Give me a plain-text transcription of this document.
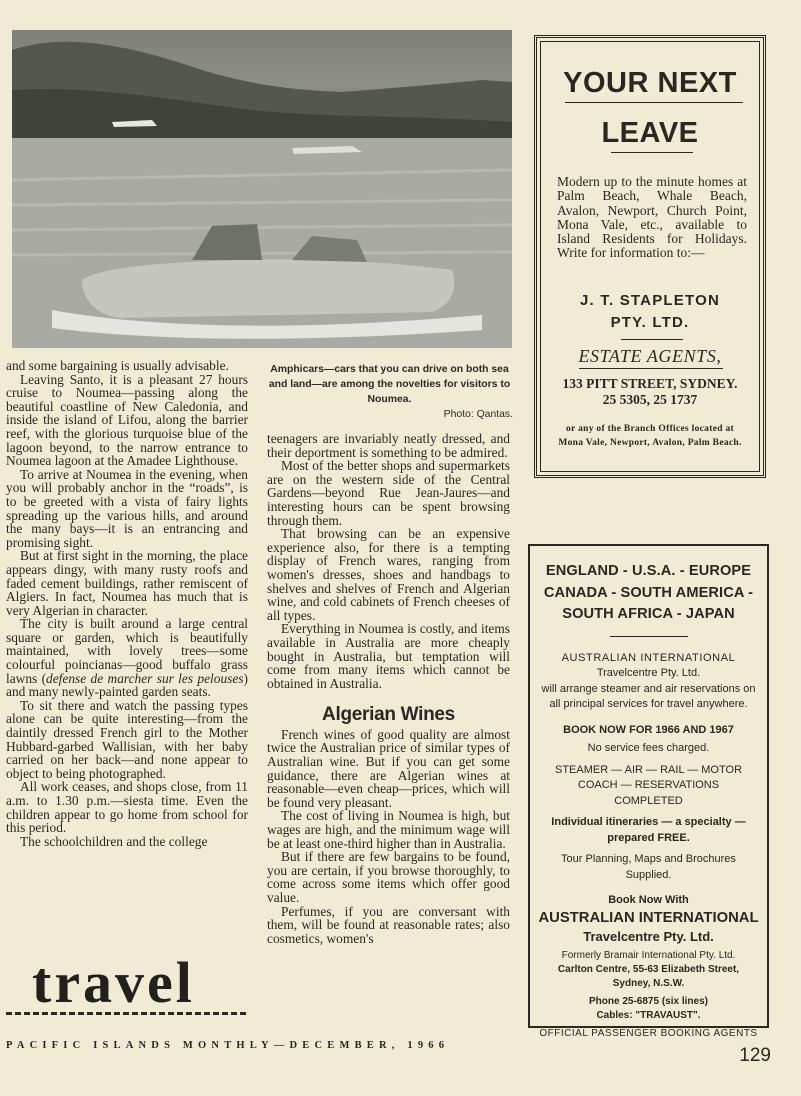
Amphicars—cars that you can drive on both sea and land—are among the novelties for visitors to Noumea.
Photo: Qantas.

and some bargaining is usually advisable.

Leaving Santo, it is a pleasant 27 hours cruise to Noumea—passing along the beautiful coastline of New Caledonia, and inside the island of Lifou, along the barrier reef, with the glorious turquoise blue of the lagoon beyond, to the narrow entrance to Noumea lagoon at the Amadee Lighthouse.

To arrive at Noumea in the evening, when you will probably anchor in the “roads”, is to be greeted with a vista of fairy lights spreading up the various hills, and around the many bays—it is an entrancing and promising sight.

But at first sight in the morning, the place appears dingy, with many rusty roofs and faded cement buildings, rather remiscent of Algiers. In fact, Noumea has much that is very Algerian in character.

The city is built around a large central square or garden, which is beautifully maintained, with lovely trees—some colourful poincianas—good buffalo grass lawns (defense de marcher sur les pelouses) and many newly-painted garden seats.

To sit there and watch the passing types alone can be quite interesting—from the daintily dressed French girl to the Mother Hubbard-garbed Wallisian, with her baby carried on her back—and none appear to object to being photographed.

All work ceases, and shops close, from 11 a.m. to 1.30 p.m.—siesta time. Even the children appear to go home from school for this period.

The schoolchildren and the college

teenagers are invariably neatly dressed, and their deportment is something to be admired.

Most of the better shops and supermarkets are on the western side of the Central Gardens—beyond Rue Jean-Jaures—and interesting hours can be spent browsing through them.

That browsing can be an expensive experience also, for there is a tempting display of French wares, ranging from women's dresses, shoes and handbags to shelves and shelves of French and Algerian wine, and cold cabinets of French cheeses of all types.

Everything in Noumea is costly, and items available in Australia are more cheaply bought in Australia, but temptation will come from many items which cannot be obtained in Australia.

Algerian Wines

French wines of good quality are almost twice the Australian price of similar types of Australian wine. But if you can get some guidance, there are Algerian wines at reasonable—even cheap—prices, which will be found very pleasant.

The cost of living in Noumea is high, but wages are high, and the minimum wage will be at least one-third higher than in Australia.

But if there are few bargains to be found, you are certain, if you browse thoroughly, to come across some items which offer good value.

Perfumes, if you are conversant with them, will be found at reasonable rates; also cosmetics, women's

travel
PACIFIC ISLANDS MONTHLY—DECEMBER, 1966	129
YOUR NEXT
LEAVE
Modern up to the minute homes at Palm Beach, Whale Beach, Avalon, Newport, Church Point, Mona Vale, etc., available to Island Residents for Holidays. Write for information to:—
J. T. STAPLETON
PTY. LTD.
ESTATE AGENTS,
133 PITT STREET, SYDNEY.
25 5305, 25 1737
or any of the Branch Offices located at Mona Vale, Newport, Avalon, Palm Beach.
ENGLAND - U.S.A. - EUROPE
CANADA - SOUTH AMERICA -
SOUTH AFRICA - JAPAN
AUSTRALIAN INTERNATIONAL
Travelcentre Pty. Ltd.
will arrange steamer and air reservations on all principal services for travel anywhere.
BOOK NOW FOR 1966 AND 1967
No service fees charged.
STEAMER — AIR — RAIL — MOTOR COACH — RESERVATIONS COMPLETED
Individual itineraries — a specialty — prepared FREE.
Tour Planning, Maps and Brochures Supplied.
Book Now With
AUSTRALIAN INTERNATIONAL
Travelcentre Pty. Ltd.
Formerly Bramair International Pty. Ltd.
Carlton Centre, 55-63 Elizabeth Street,
Sydney, N.S.W.
Phone 25-6875 (six lines)
Cables: "TRAVAUST".
OFFICIAL PASSENGER BOOKING AGENTS
